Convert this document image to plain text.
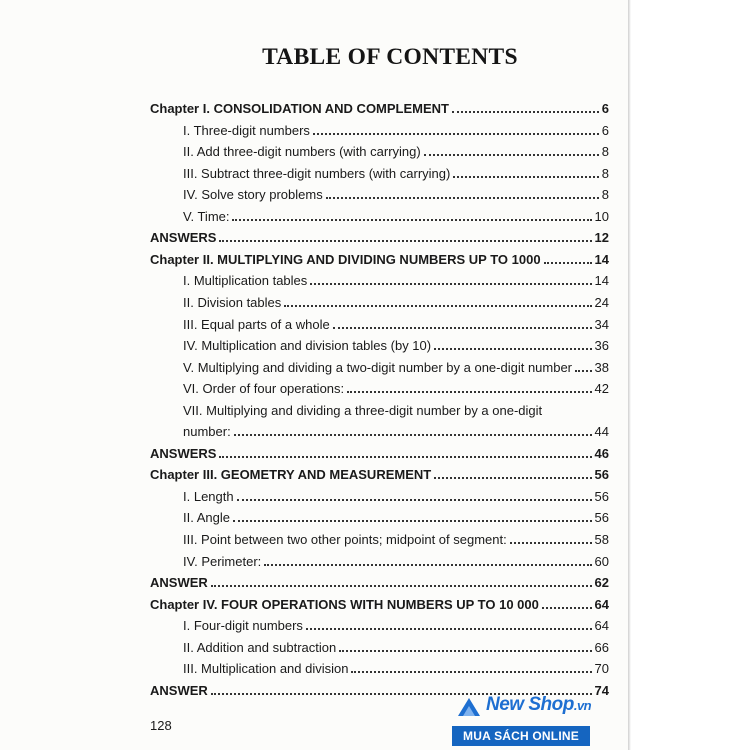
TABLE OF CONTENTS
Chapter I. CONSOLIDATION AND COMPLEMENT	6
I. Three-digit numbers	6
II. Add three-digit numbers (with carrying)	8
III. Subtract three-digit numbers (with carrying)	8
IV. Solve story problems	8
V. Time:	10
ANSWERS	12
Chapter II. MULTIPLYING AND DIVIDING NUMBERS UP TO 1000	14
I. Multiplication tables	14
II. Division tables	24
III. Equal parts of a whole	34
IV. Multiplication and division tables (by 10)	36
V. Multiplying and dividing a two-digit number by a one-digit number 38
VI. Order of four operations:	42
VII. Multiplying and dividing a three-digit number by a one-digit
number:	44
ANSWERS	46
Chapter III. GEOMETRY AND MEASUREMENT	56
I. Length	56
II. Angle	56
III. Point between two other points; midpoint of segment:	58
IV. Perimeter:	60
ANSWER	62
Chapter IV. FOUR OPERATIONS WITH NUMBERS UP TO 10 000	64
I. Four-digit numbers	64
II. Addition and subtraction	66
III. Multiplication and division	70
ANSWER	74
128
New Shop.vn
MUA SÁCH ONLINE
